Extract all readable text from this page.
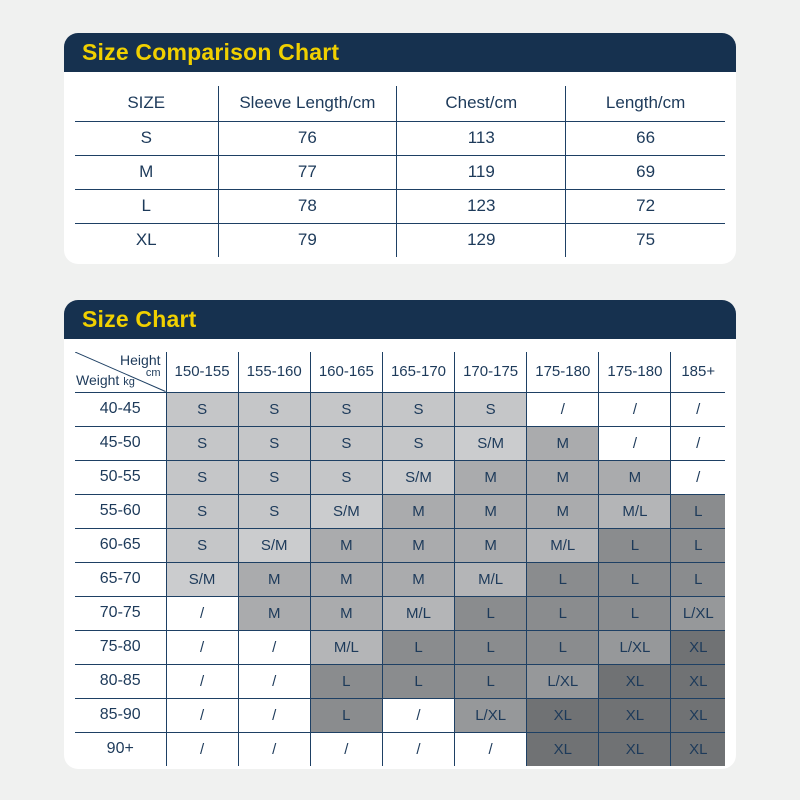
Size Comparison Chart
SIZE	Sleeve Length/cm	Chest/cm	Length/cm
S	76	113	66
M	77	119	69
L	78	123	72
XL	79	129	75
Size Chart
Height
cm
Weight kg	150-155	155-160	160-165	165-170	170-175	175-180	175-180	185+
40-45	S	S	S	S	S	/	/	/
45-50	S	S	S	S	S/M	M	/	/
50-55	S	S	S	S/M	M	M	M	/
55-60	S	S	S/M	M	M	M	M/L	L
60-65	S	S/M	M	M	M	M/L	L	L
65-70	S/M	M	M	M	M/L	L	L	L
70-75	/	M	M	M/L	L	L	L	L/XL
75-80	/	/	M/L	L	L	L	L/XL	XL
80-85	/	/	L	L	L	L/XL	XL	XL
85-90	/	/	L	/	L/XL	XL	XL	XL
90+	/	/	/	/	/	XL	XL	XL
